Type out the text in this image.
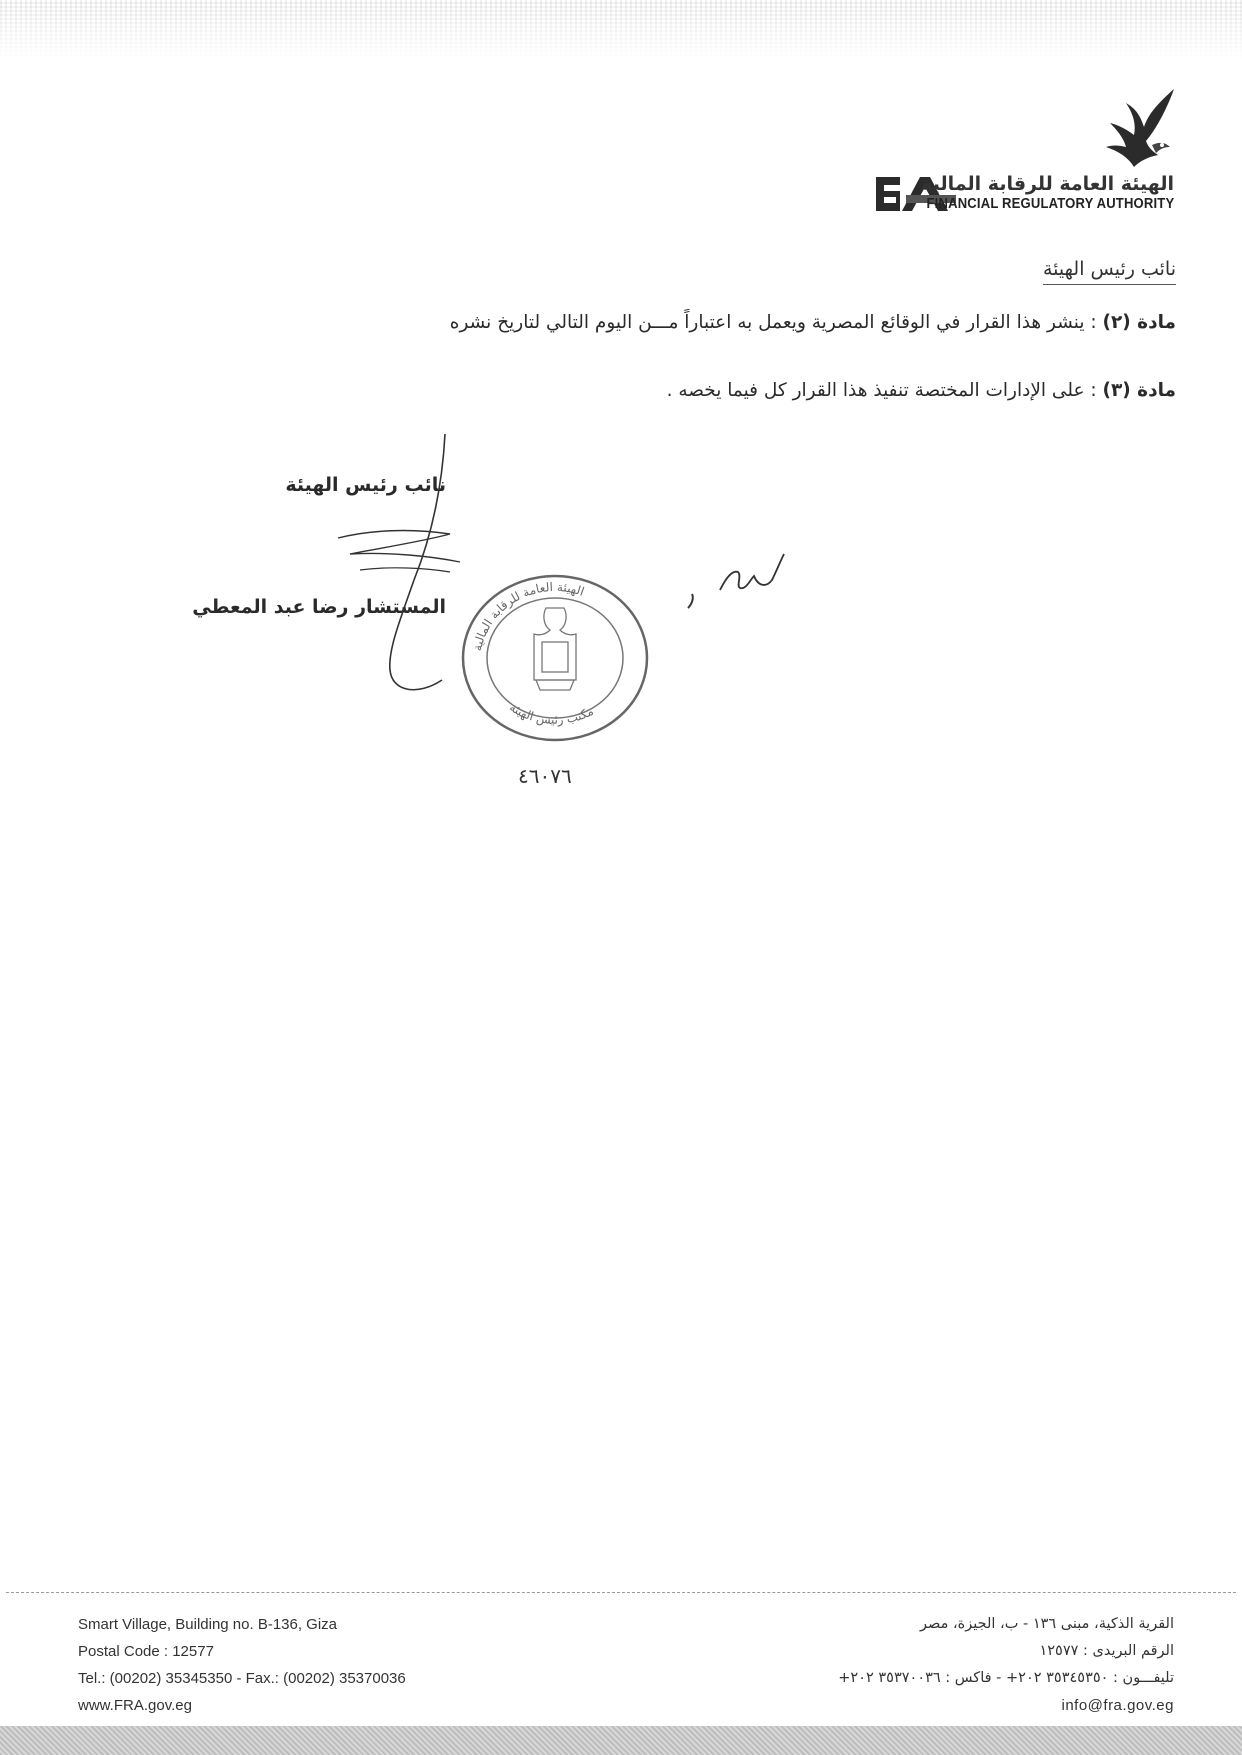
الهيئة العامة للرقابة المالية
FINANCIAL REGULATORY AUTHORITY
نائب رئيس الهيئة
مادة (٢) : ينشر هذا القرار في الوقائع المصرية ويعمل به اعتباراً مـــن اليوم التالي لتاريخ نشره
مادة (٣) : على الإدارات المختصة تنفيذ هذا القرار كل فيما يخصه .
نائب رئيس الهيئة
المستشار رضا عبد المعطي
الهيئة العامة للرقابة المالية
مكتب رئيس الهيئة
٤٦٠٧٦
Smart Village, Building no. B-136, Giza
Postal Code : 12577
Tel.: (00202) 35345350 - Fax.: (00202) 35370036
www.FRA.gov.eg
القرية الذكية، مبنى ١٣٦ - ب، الجيزة، مصر
الرقم البريدى : ١٢٥٧٧
تليفـــون : ٣٥٣٤٥٣٥٠ ٢٠٢+ - فاكس : ٣٥٣٧٠٠٣٦ ٢٠٢+
info@fra.gov.eg
